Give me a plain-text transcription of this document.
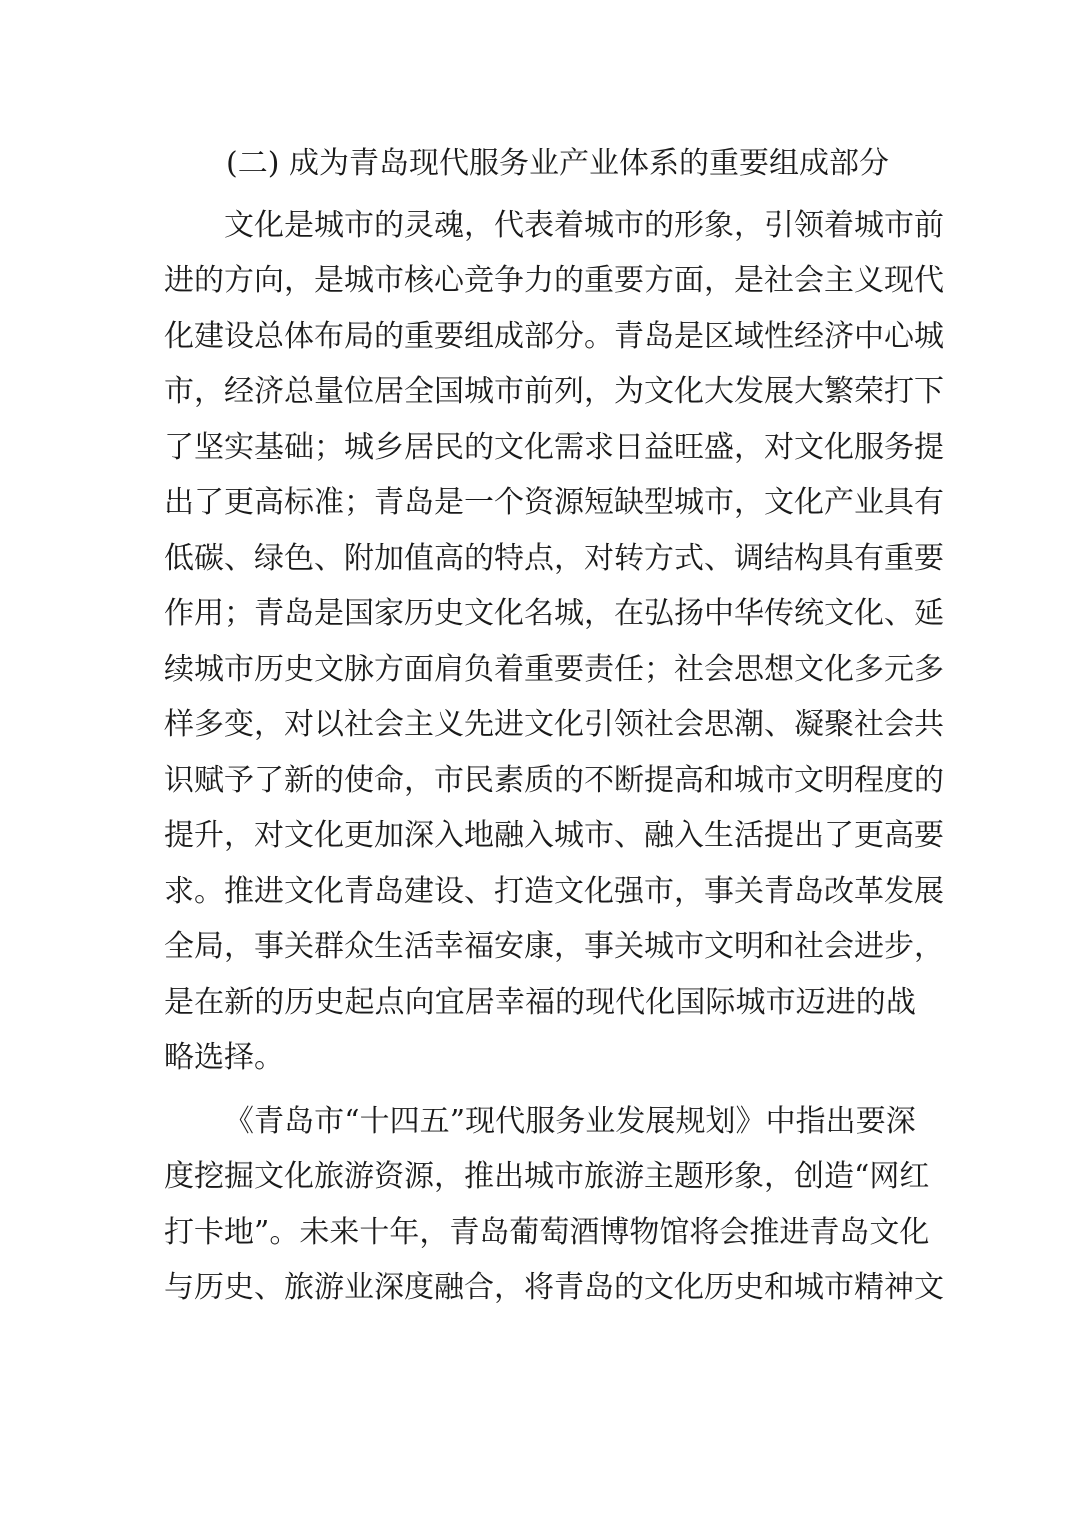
(二) 成为青岛现代服务业产业体系的重要组成部分
文 化 是 城 市 的 灵 魂 ， 代 表 着 城 市 的 形 象 ， 引 领 着 城 市 前
进 的 方 向 ， 是 城 市 核 心 竞 争 力 的 重 要 方 面 ， 是 社 会 主 义 现 代
化 建 设 总 体 布 局 的 重 要 组 成 部 分 。 青 岛 是 区 域 性 经 济 中 心 城
市 ， 经 济 总 量 位 居 全 国 城 市 前 列 ， 为 文 化 大 发 展 大 繁 荣 打 下
了 坚 实 基 础 ； 城 乡 居 民 的 文 化 需 求 日 益 旺 盛 ， 对 文 化 服 务 提
出 了 更 高 标 准 ； 青 岛 是 一 个 资 源 短 缺 型 城 市 ， 文 化 产 业 具 有
低 碳 、 绿 色 、 附 加 值 高 的 特 点 ， 对 转 方 式 、 调 结 构 具 有 重 要
作 用 ； 青 岛 是 国 家 历 史 文 化 名 城 ， 在 弘 扬 中 华 传 统 文 化 、 延
续 城 市 历 史 文 脉 方 面 肩 负 着 重 要 责 任 ； 社 会 思 想 文 化 多 元 多
样 多 变 ， 对 以 社 会 主 义 先 进 文 化 引 领 社 会 思 潮 、 凝 聚 社 会 共
识 赋 予 了 新 的 使 命 ， 市 民 素 质 的 不 断 提 高 和 城 市 文 明 程 度 的
提 升 ， 对 文 化 更 加 深 入 地 融 入 城 市 、 融 入 生 活 提 出 了 更 高 要
求 。 推 进 文 化 青 岛 建 设 、 打 造 文 化 强 市 ， 事 关 青 岛 改 革 发 展
全 局 ， 事 关 群 众 生 活 幸 福 安 康 ， 事 关 城 市 文 明 和 社 会 进 步 ，
是 在 新 的 历 史 起 点 向 宜 居 幸 福 的 现 代 化 国 际 城 市 迈 进 的 战
略选择。
《 青 岛 市 “ 十 四 五 ” 现 代 服 务 业 发 展 规 划 》 中 指 出 要 深
度 挖 掘 文 化 旅 游 资 源 ， 推 出 城 市 旅 游 主 题 形 象 ， 创 造 “ 网 红
打 卡 地 ” 。 未 来 十 年 ， 青 岛 葡 萄 酒 博 物 馆 将 会 推 进 青 岛 文 化
与 历 史 、 旅 游 业 深 度 融 合 ， 将 青 岛 的 文 化 历 史 和 城 市 精 神 文
